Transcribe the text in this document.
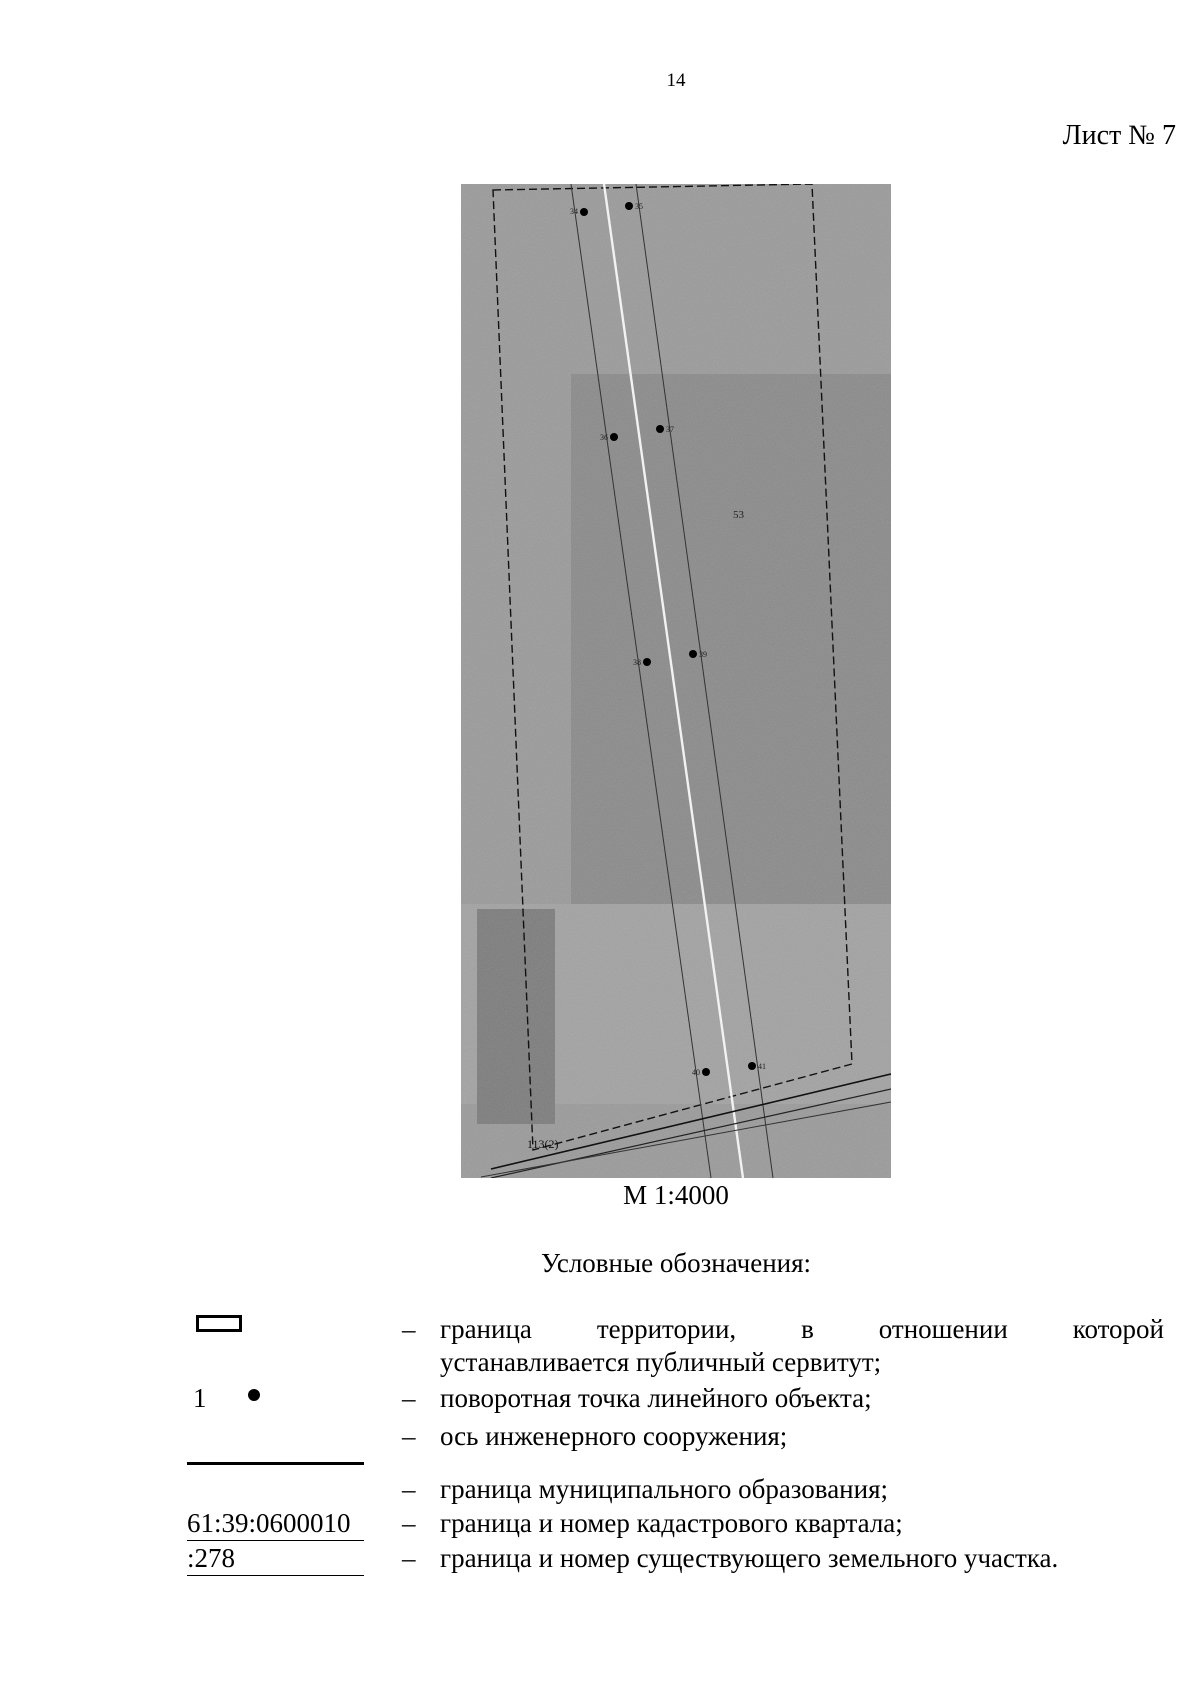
14
Лист № 7
34
35
36
37
38
39
40
41
53
113(2)
М 1:4000
Условные обозначения:
– граница территории, в отношении которой
устанавливается публичный сервитут;
1	– поворотная точка линейного объекта;
– ось инженерного сооружения;
– граница муниципального образования;
61:39:0600010	– граница и номер кадастрового квартала;
:278	– граница и номер существующего земельного участка.
